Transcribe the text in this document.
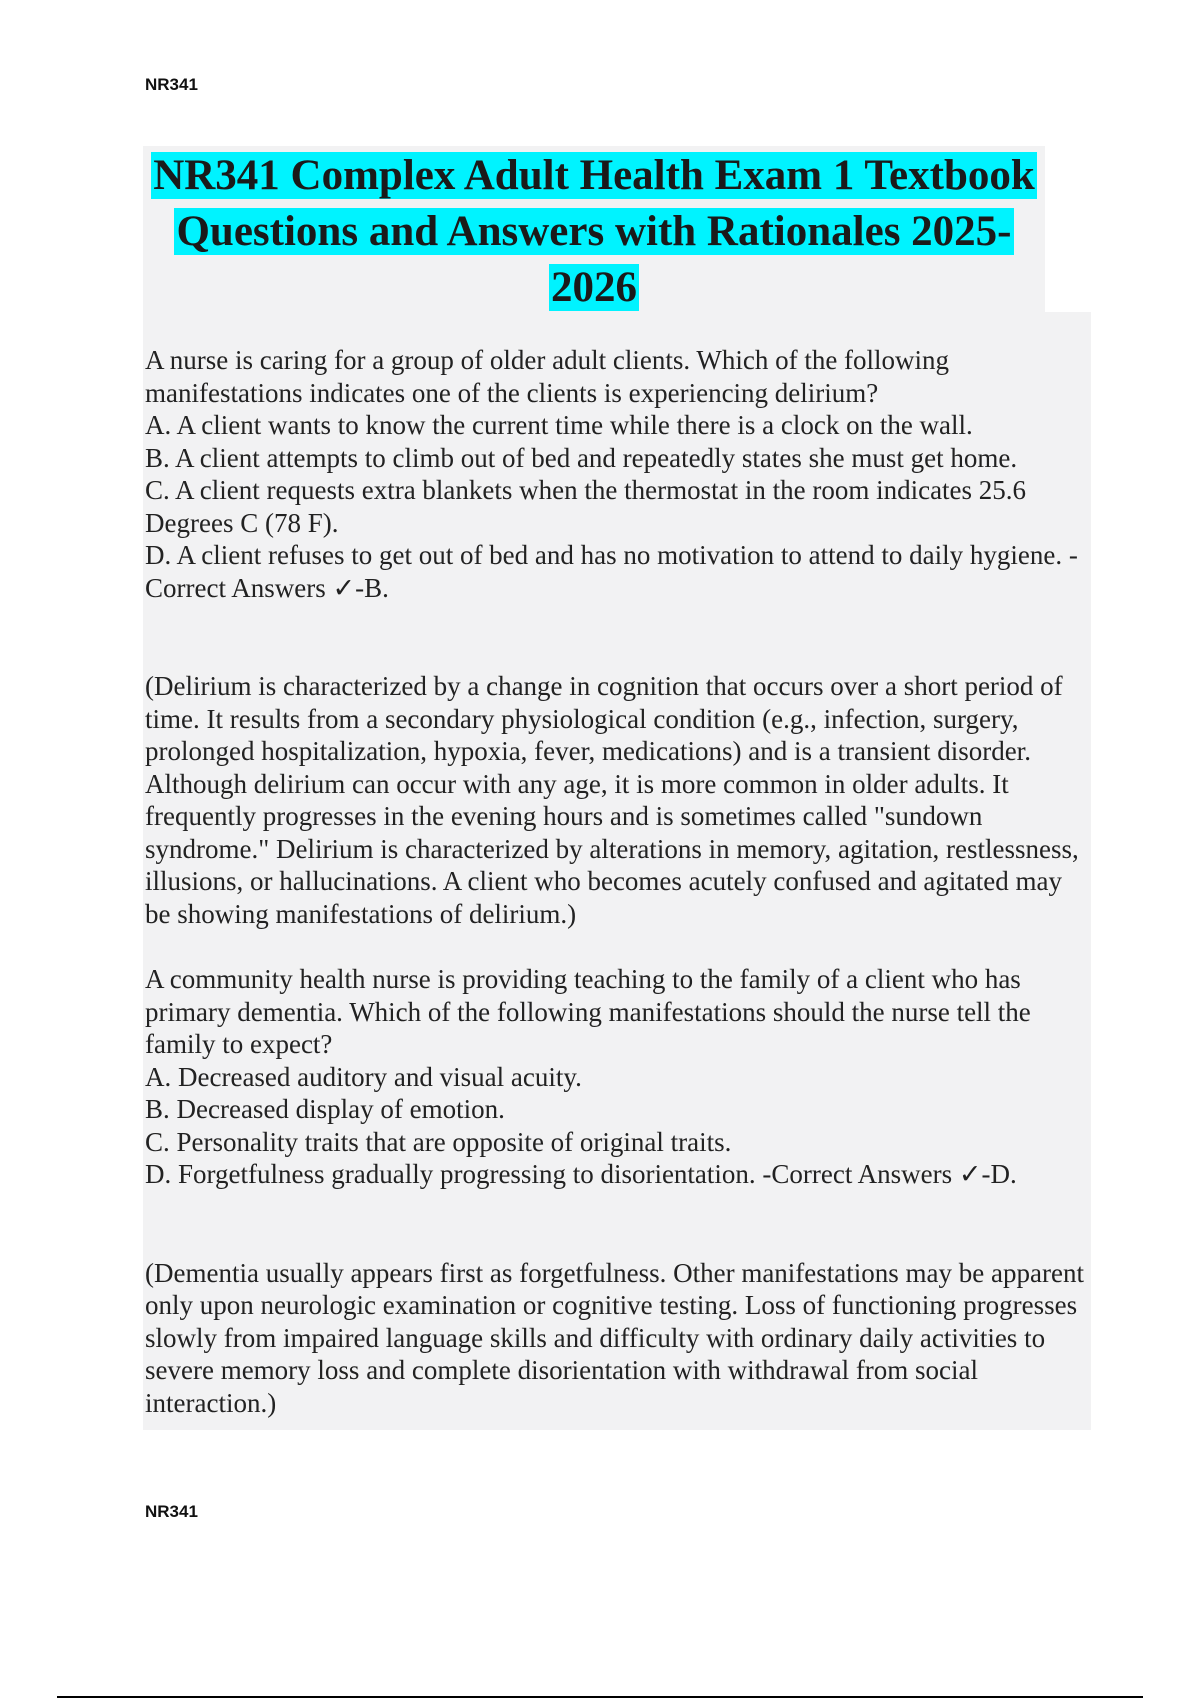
NR341
NR341 Complex Adult Health Exam 1 Textbook Questions and Answers with Rationales 2025-2026

A nurse is caring for a group of older adult clients. Which of the following manifestations indicates one of the clients is experiencing delirium?

A. A client wants to know the current time while there is a clock on the wall.

B. A client attempts to climb out of bed and repeatedly states she must get home.

C. A client requests extra blankets when the thermostat in the room indicates 25.6 Degrees C (78 F).

D. A client refuses to get out of bed and has no motivation to attend to daily hygiene. -Correct Answers ✓-B.

(Delirium is characterized by a change in cognition that occurs over a short period of time. It results from a secondary physiological condition (e.g., infection, surgery, prolonged hospitalization, hypoxia, fever, medications) and is a transient disorder. Although delirium can occur with any age, it is more common in older adults. It frequently progresses in the evening hours and is sometimes called "sundown syndrome." Delirium is characterized by alterations in memory, agitation, restlessness, illusions, or hallucinations. A client who becomes acutely confused and agitated may be showing manifestations of delirium.)

A community health nurse is providing teaching to the family of a client who has primary dementia. Which of the following manifestations should the nurse tell the family to expect?

A. Decreased auditory and visual acuity.

B. Decreased display of emotion.

C. Personality traits that are opposite of original traits.

D. Forgetfulness gradually progressing to disorientation. -Correct Answers ✓-D.

(Dementia usually appears first as forgetfulness. Other manifestations may be apparent only upon neurologic examination or cognitive testing. Loss of functioning progresses slowly from impaired language skills and difficulty with ordinary daily activities to severe memory loss and complete disorientation with withdrawal from social interaction.)

NR341
